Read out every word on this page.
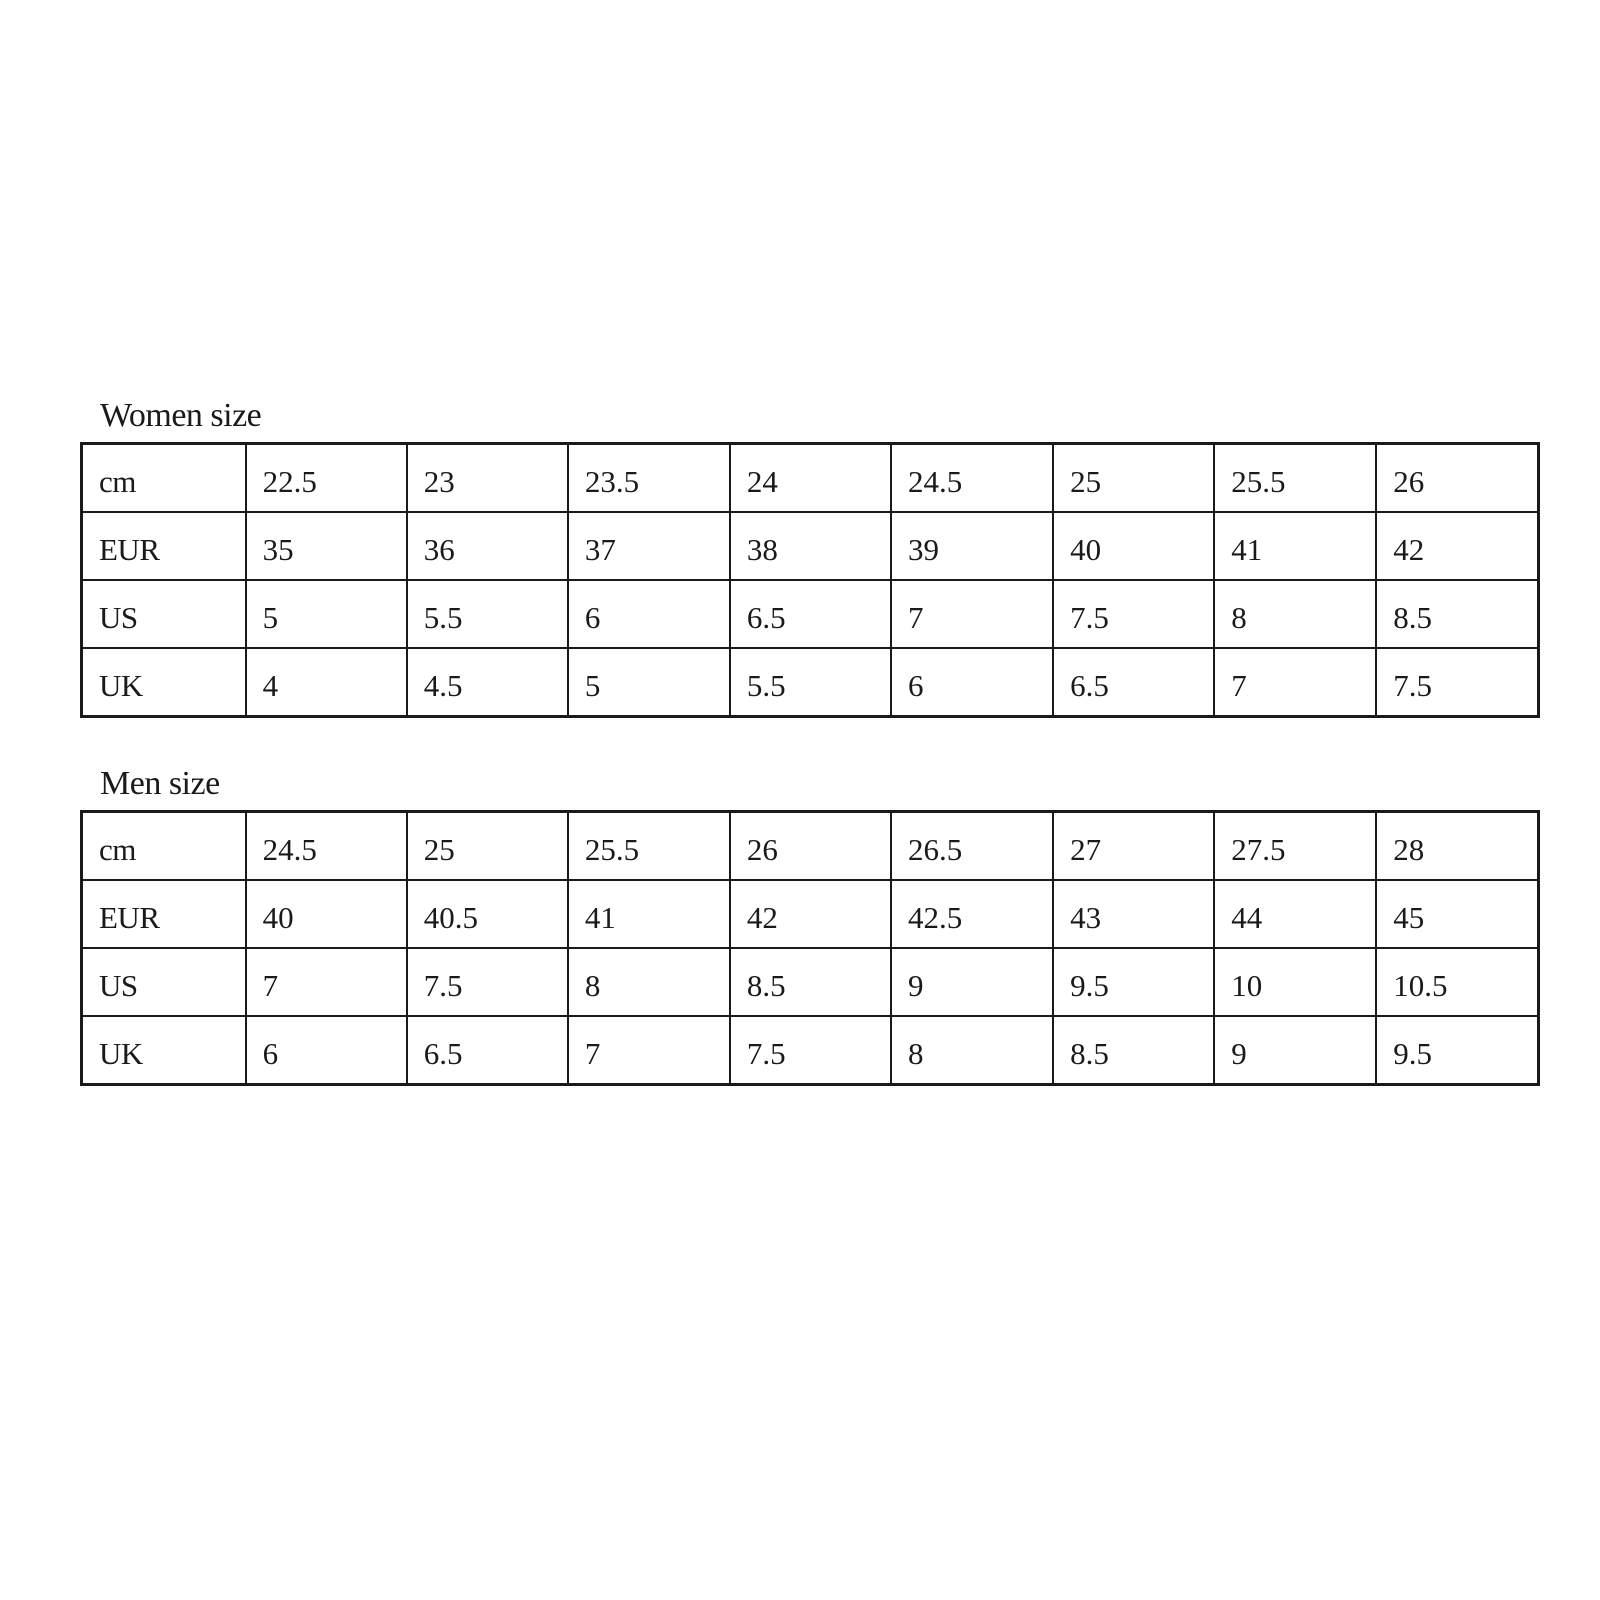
Women size
cm	22.5	23	23.5	24	24.5	25	25.5	26
EUR	35	36	37	38	39	40	41	42
US	5	5.5	6	6.5	7	7.5	8	8.5
UK	4	4.5	5	5.5	6	6.5	7	7.5
Men size
cm	24.5	25	25.5	26	26.5	27	27.5	28
EUR	40	40.5	41	42	42.5	43	44	45
US	7	7.5	8	8.5	9	9.5	10	10.5
UK	6	6.5	7	7.5	8	8.5	9	9.5
